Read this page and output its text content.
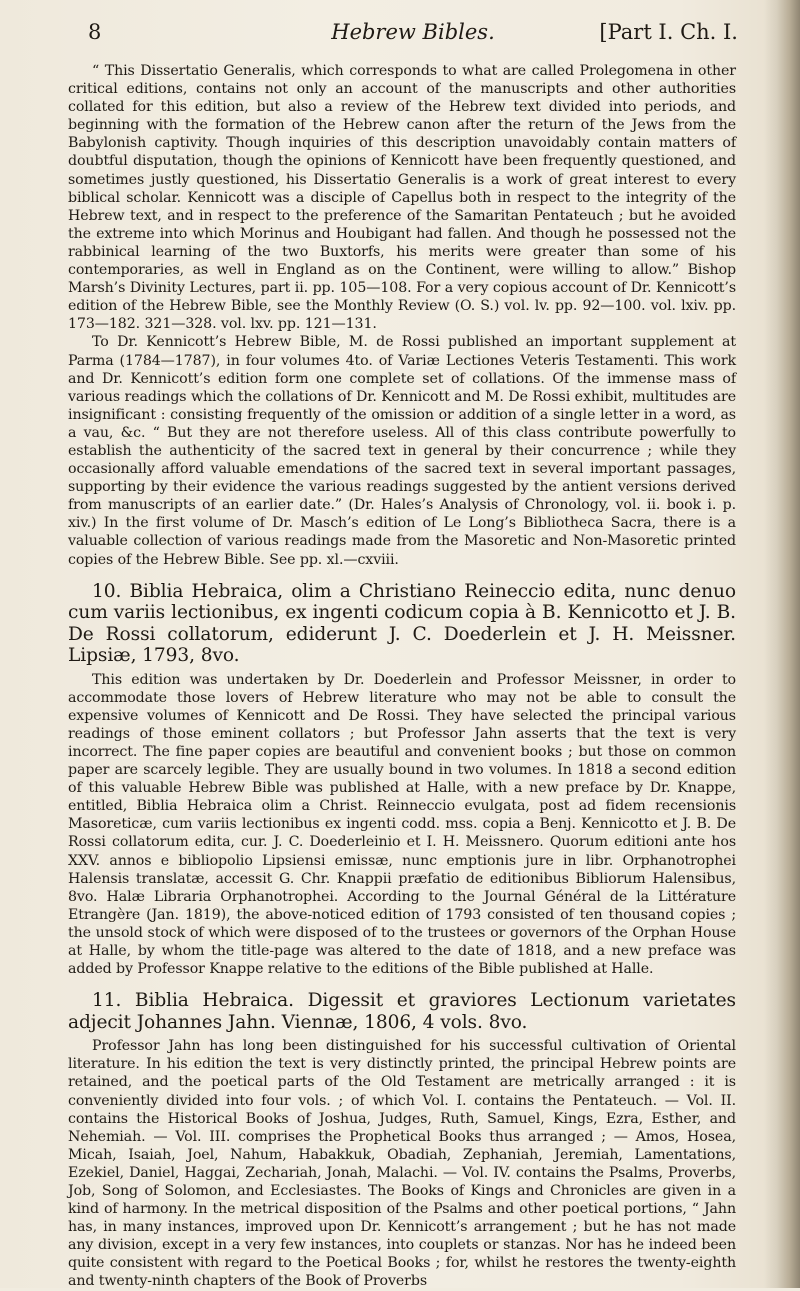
8	Hebrew Bibles.	[Part I. Ch. I.

“ This Dissertatio Generalis, which corresponds to what are called Prolegomena in other critical editions, contains not only an account of the manuscripts and other authorities collated for this edition, but also a review of the Hebrew text divided into periods, and beginning with the formation of the Hebrew canon after the return of the Jews from the Babylonish captivity. Though inquiries of this description unavoidably contain matters of doubtful disputation, though the opinions of Kennicott have been frequently questioned, and sometimes justly questioned, his Dissertatio Generalis is a work of great interest to every biblical scholar. Kennicott was a disciple of Capellus both in respect to the integrity of the Hebrew text, and in respect to the preference of the Samaritan Pentateuch ; but he avoided the extreme into which Morinus and Houbigant had fallen. And though he possessed not the rabbinical learning of the two Buxtorfs, his merits were greater than some of his contemporaries, as well in England as on the Continent, were willing to allow.” Bishop Marsh’s Divinity Lectures, part ii. pp. 105—108. For a very copious account of Dr. Kennicott’s edition of the Hebrew Bible, see the Monthly Review (O. S.) vol. lv. pp. 92—100. vol. lxiv. pp. 173—182. 321—328. vol. lxv. pp. 121—131.

To Dr. Kennicott’s Hebrew Bible, M. de Rossi published an important supplement at Parma (1784—1787), in four volumes 4to. of Variæ Lectiones Veteris Testamenti. This work and Dr. Kennicott’s edition form one complete set of collations. Of the immense mass of various readings which the collations of Dr. Kennicott and M. De Rossi exhibit, multitudes are insignificant : consisting frequently of the omission or addition of a single letter in a word, as a vau, &c. “ But they are not therefore useless. All of this class contribute powerfully to establish the authenticity of the sacred text in general by their concurrence ; while they occasionally afford valuable emendations of the sacred text in several important passages, supporting by their evidence the various readings suggested by the antient versions derived from manuscripts of an earlier date.” (Dr. Hales’s Analysis of Chronology, vol. ii. book i. p. xiv.) In the first volume of Dr. Masch’s edition of Le Long’s Bibliotheca Sacra, there is a valuable collection of various readings made from the Masoretic and Non-Masoretic printed copies of the Hebrew Bible. See pp. xl.—cxviii.

10. Biblia Hebraica, olim a Christiano Reineccio edita, nunc denuo cum variis lectionibus, ex ingenti codicum copia à B. Kennicotto et J. B. De Rossi collatorum, ediderunt J. C. Doederlein et J. H. Meissner. Lipsiæ, 1793, 8vo.

This edition was undertaken by Dr. Doederlein and Professor Meissner, in order to accommodate those lovers of Hebrew literature who may not be able to consult the expensive volumes of Kennicott and De Rossi. They have selected the principal various readings of those eminent collators ; but Professor Jahn asserts that the text is very incorrect. The fine paper copies are beautiful and convenient books ; but those on common paper are scarcely legible. They are usually bound in two volumes. In 1818 a second edition of this valuable Hebrew Bible was published at Halle, with a new preface by Dr. Knappe, entitled, Biblia Hebraica olim a Christ. Reinneccio evulgata, post ad fidem recensionis Masoreticæ, cum variis lectionibus ex ingenti codd. mss. copia a Benj. Kennicotto et J. B. De Rossi collatorum edita, cur. J. C. Doederleinio et I. H. Meissnero. Quorum editioni ante hos XXV. annos e bibliopolio Lipsiensi emissæ, nunc emptionis jure in libr. Orphanotrophei Halensis translatæ, accessit G. Chr. Knappii præfatio de editionibus Bibliorum Halensibus, 8vo. Halæ Libraria Orphanotrophei. According to the Journal Général de la Littérature Etrangère (Jan. 1819), the above-noticed edition of 1793 consisted of ten thousand copies ; the unsold stock of which were disposed of to the trustees or governors of the Orphan House at Halle, by whom the title-page was altered to the date of 1818, and a new preface was added by Professor Knappe relative to the editions of the Bible published at Halle.

11. Biblia Hebraica. Digessit et graviores Lectionum varietates adjecit Johannes Jahn. Viennæ, 1806, 4 vols. 8vo.

Professor Jahn has long been distinguished for his successful cultivation of Oriental literature. In his edition the text is very distinctly printed, the principal Hebrew points are retained, and the poetical parts of the Old Testament are metrically arranged : it is conveniently divided into four vols. ; of which Vol. I. contains the Pentateuch. — Vol. II. contains the Historical Books of Joshua, Judges, Ruth, Samuel, Kings, Ezra, Esther, and Nehemiah. — Vol. III. comprises the Prophetical Books thus arranged ; — Amos, Hosea, Micah, Isaiah, Joel, Nahum, Habakkuk, Obadiah, Zephaniah, Jeremiah, Lamentations, Ezekiel, Daniel, Haggai, Zechariah, Jonah, Malachi. — Vol. IV. contains the Psalms, Proverbs, Job, Song of Solomon, and Ecclesiastes. The Books of Kings and Chronicles are given in a kind of harmony. In the metrical disposition of the Psalms and other poetical portions, “ Jahn has, in many instances, improved upon Dr. Kennicott’s arrangement ; but he has not made any division, except in a very few instances, into couplets or stanzas. Nor has he indeed been quite consistent with regard to the Poetical Books ; for, whilst he restores the twenty-eighth and twenty-ninth chapters of the Book of Proverbs
